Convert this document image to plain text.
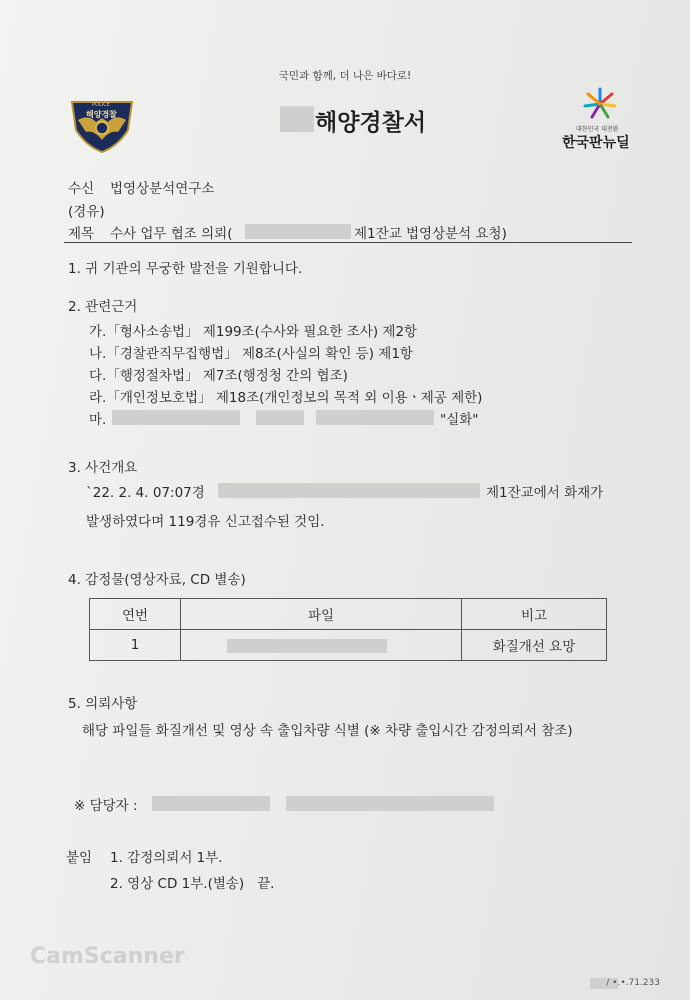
국민과 함께, 더 나은 바다로!
POLICE
해양경찰	해양경찰서	대한민국 대전환
한국판뉴딜
수신 법영상분석연구소
(경유)
제목 수사 업무 협조 의뢰(	제1잔교 법영상분석 요청)
1. 귀 기관의 무궁한 발전을 기원합니다.
2. 관련근거
가.「형사소송법」 제199조(수사와 필요한 조사) 제2항
나.「경찰관직무집행법」 제8조(사실의 확인 등) 제1항
다.「행정절차법」 제7조(행정청 간의 협조)
라.「개인정보호법」 제18조(개인정보의 목적 외 이용ㆍ제공 제한)
마.	"실화"
3. 사건개요
`22. 2. 4. 07:07경	제1잔교에서 화재가
발생하였다며 119경유 신고접수된 것임.
4. 감정물(영상자료, CD 별송)
연번	파일	비고
1		화질개선 요망
5. 의뢰사항
해당 파일들 화질개선 및 영상 속 출입차량 식별 (※ 차량 출입시간 감정의뢰서 참조)
※ 담당자 :
붙임 1. 감정의뢰서 1부.
2. 영상 CD 1부.(별송)   끝.
CamScanner
/ •.•.71.233
